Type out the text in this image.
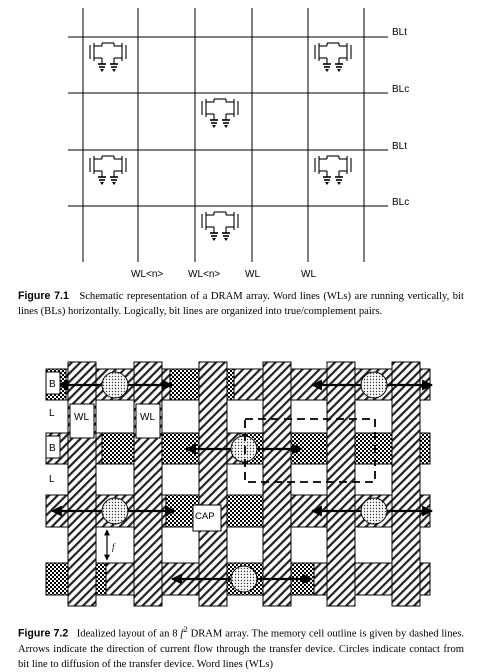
BLt
BLc
BLt
BLc
WL<n> WL<n> WL	WL
B
L
B
L
WL	WL
CAP
f
Figure 7.1 Schematic representation of a DRAM array. Word lines (WLs) are running vertically, bit lines (BLs) horizontally. Logically, bit lines are organized into true/complement pairs.
Figure 7.2 Idealized layout of an 8 $f^2$ DRAM array. The memory cell outline is given by dashed lines. Arrows indicate the direction of current flow through the transfer device. Circles indicate contact from bit line to diffusion of the transfer device. Word lines (WLs)
